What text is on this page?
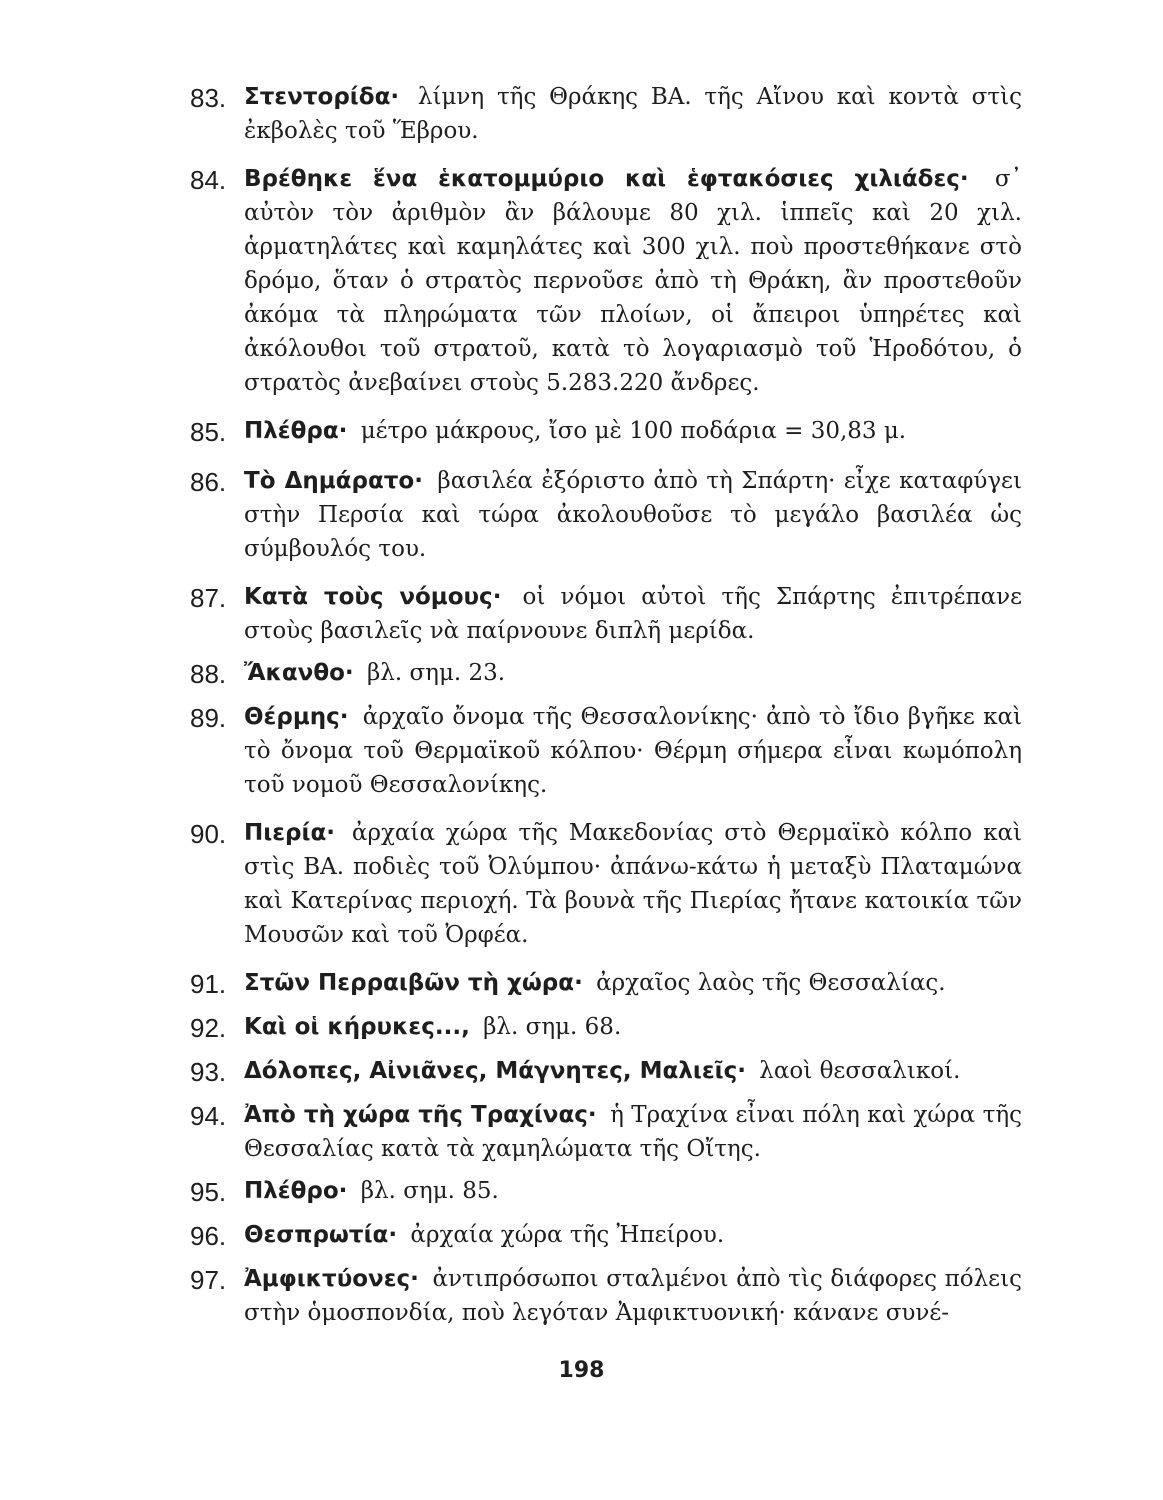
83. Στεντορίδα· λίμνη τῆς Θράκης ΒΑ. τῆς Αἴνου καὶ κοντὰ στὶς ἐκβολὲς τοῦ Ἕβρου.
84. Βρέθηκε ἕνα ἑκατομμύριο καὶ ἑφτακόσιες χιλιάδες· σ᾽ αὐτὸν τὸν ἀριθμὸν ἂν βάλουμε 80 χιλ. ἱππεῖς καὶ 20 χιλ. ἁρματηλάτες καὶ καμηλάτες καὶ 300 χιλ. ποὺ προστεθήκανε στὸ δρόμο, ὅταν ὁ στρατὸς περνοῦσε ἀπὸ τὴ Θράκη, ἂν προστεθοῦν ἀκόμα τὰ πληρώματα τῶν πλοίων, οἱ ἄπειροι ὑπηρέτες καὶ ἀκόλουθοι τοῦ στρατοῦ, κατὰ τὸ λογαριασμὸ τοῦ Ἡροδότου, ὁ στρατὸς ἀνεβαίνει στοὺς 5.283.220 ἄνδρες.
85. Πλέθρα· μέτρο μάκρους, ἴσο μὲ 100 ποδάρια = 30,83 μ.
86. Τὸ Δημάρατο· βασιλέα ἐξόριστο ἀπὸ τὴ Σπάρτη· εἶχε καταφύγει στὴν Περσία καὶ τώρα ἀκολουθοῦσε τὸ μεγάλο βασιλέα ὡς σύμβουλός του.
87. Κατὰ τοὺς νόμους· οἱ νόμοι αὐτοὶ τῆς Σπάρτης ἐπιτρέπανε στοὺς βασιλεῖς νὰ παίρνουνε διπλῆ μερίδα.
88. Ἄκανθο· βλ. σημ. 23.
89. Θέρμης· ἀρχαῖο ὄνομα τῆς Θεσσαλονίκης· ἀπὸ τὸ ἴδιο βγῆκε καὶ τὸ ὄνομα τοῦ Θερμαϊκοῦ κόλπου· Θέρμη σήμερα εἶναι κωμόπολη τοῦ νομοῦ Θεσσαλονίκης.
90. Πιερία· ἀρχαία χώρα τῆς Μακεδονίας στὸ Θερμαϊκὸ κόλπο καὶ στὶς ΒΑ. ποδιὲς τοῦ Ὀλύμπου· ἀπάνω-κάτω ἡ μεταξὺ Πλαταμώνα καὶ Κατερίνας περιοχή. Τὰ βουνὰ τῆς Πιερίας ἤτανε κατοικία τῶν Μουσῶν καὶ τοῦ Ὀρφέα.
91. Στῶν Περραιβῶν τὴ χώρα· ἀρχαῖος λαὸς τῆς Θεσσαλίας.
92. Καὶ οἱ κήρυκες..., βλ. σημ. 68.
93. Δόλοπες, Αἰνιᾶνες, Μάγνητες, Μαλιεῖς· λαοὶ θεσσαλικοί.
94. Ἀπὸ τὴ χώρα τῆς Τραχίνας· ἡ Τραχίνα εἶναι πόλη καὶ χώρα τῆς Θεσσαλίας κατὰ τὰ χαμηλώματα τῆς Οἴτης.
95. Πλέθρο· βλ. σημ. 85.
96. Θεσπρωτία· ἀρχαία χώρα τῆς Ἠπείρου.
97. Ἀμφικτύονες· ἀντιπρόσωποι σταλμένοι ἀπὸ τὶς διάφορες πόλεις στὴν ὁμοσπονδία, ποὺ λεγόταν Ἀμφικτυονική· κάνανε συνέ-
198
